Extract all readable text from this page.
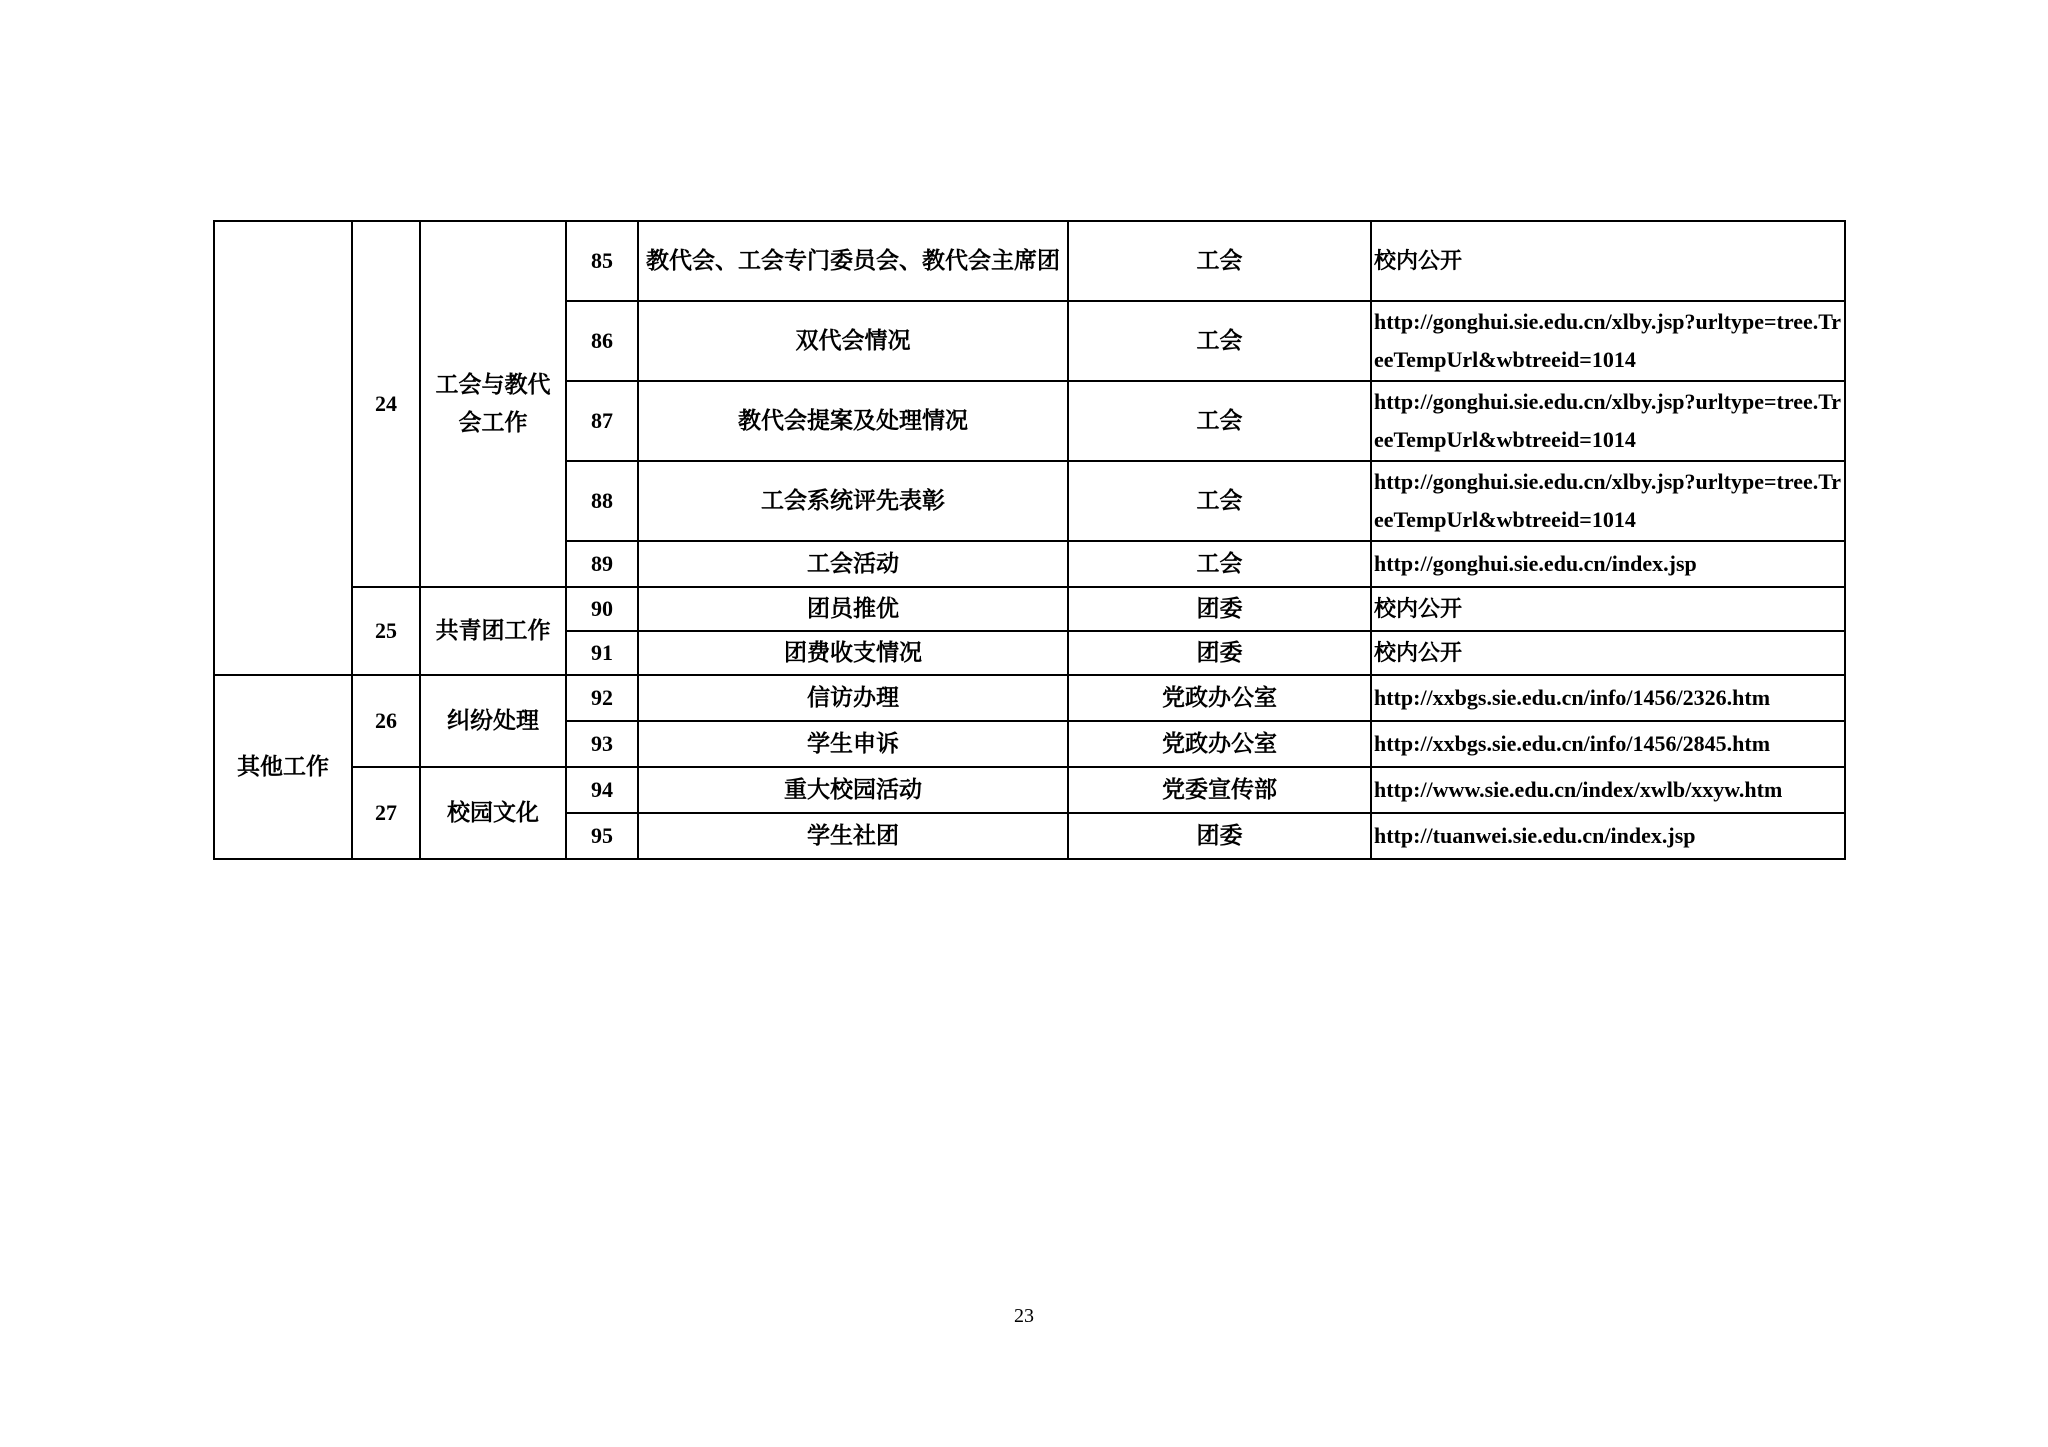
	24	工会与教代会工作	85	教代会、工会专门委员会、教代会主席团	工会	校内公开
			86	双代会情况	工会	http://gonghui.sie.edu.cn/xlby.jsp?urltype=tree.TreeTempUrl&wbtreeid=1014
			87	教代会提案及处理情况	工会	http://gonghui.sie.edu.cn/xlby.jsp?urltype=tree.TreeTempUrl&wbtreeid=1014
			88	工会系统评先表彰	工会	http://gonghui.sie.edu.cn/xlby.jsp?urltype=tree.TreeTempUrl&wbtreeid=1014
			89	工会活动	工会	http://gonghui.sie.edu.cn/index.jsp
	25	共青团工作	90	团员推优	团委	校内公开
			91	团费收支情况	团委	校内公开
其他工作	26	纠纷处理	92	信访办理	党政办公室	http://xxbgs.sie.edu.cn/info/1456/2326.htm
			93	学生申诉	党政办公室	http://xxbgs.sie.edu.cn/info/1456/2845.htm
	27	校园文化	94	重大校园活动	党委宣传部	http://www.sie.edu.cn/index/xwlb/xxyw.htm
			95	学生社团	团委	http://tuanwei.sie.edu.cn/index.jsp
23
